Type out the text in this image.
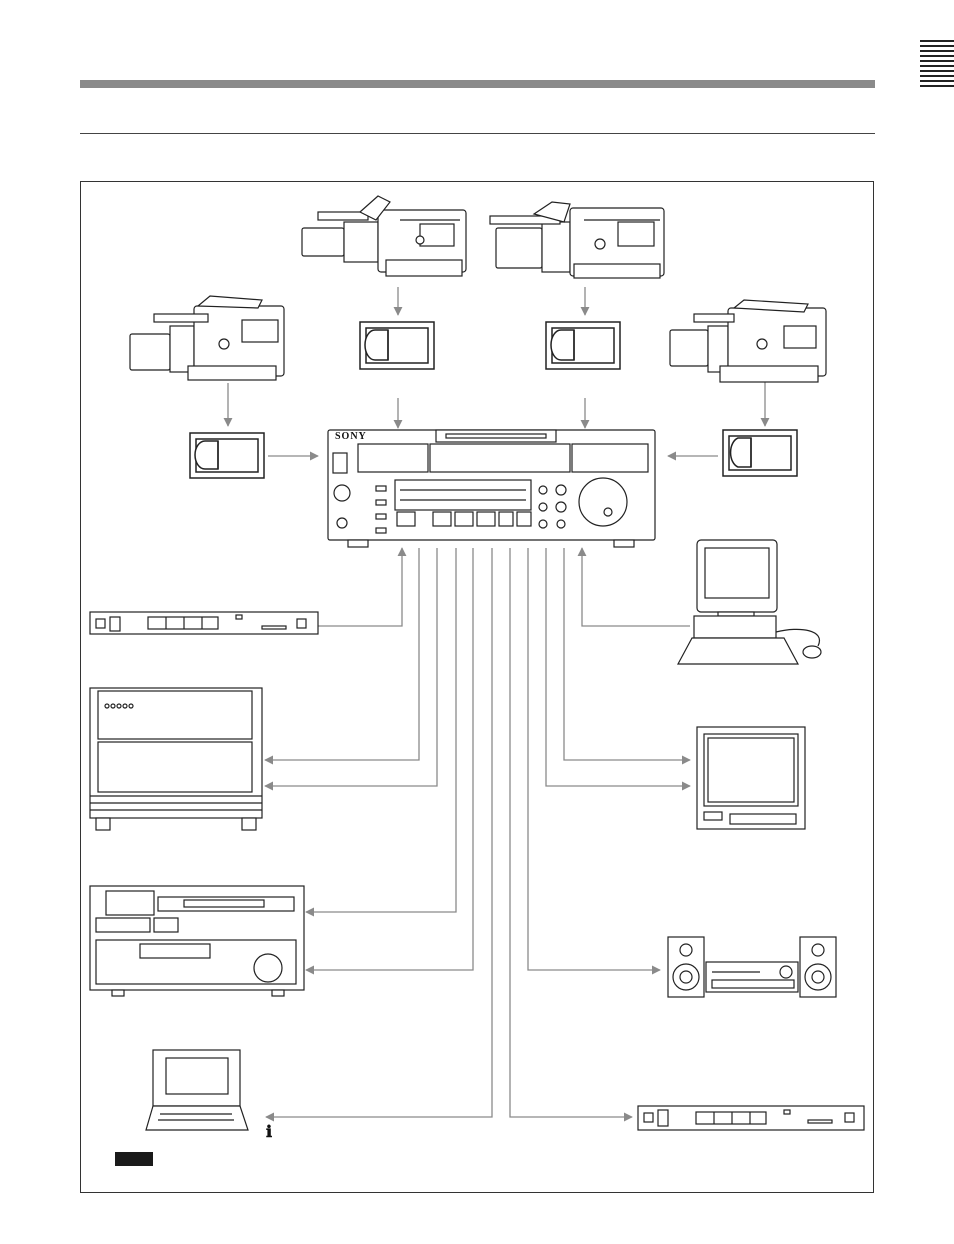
SONY
ℹ
